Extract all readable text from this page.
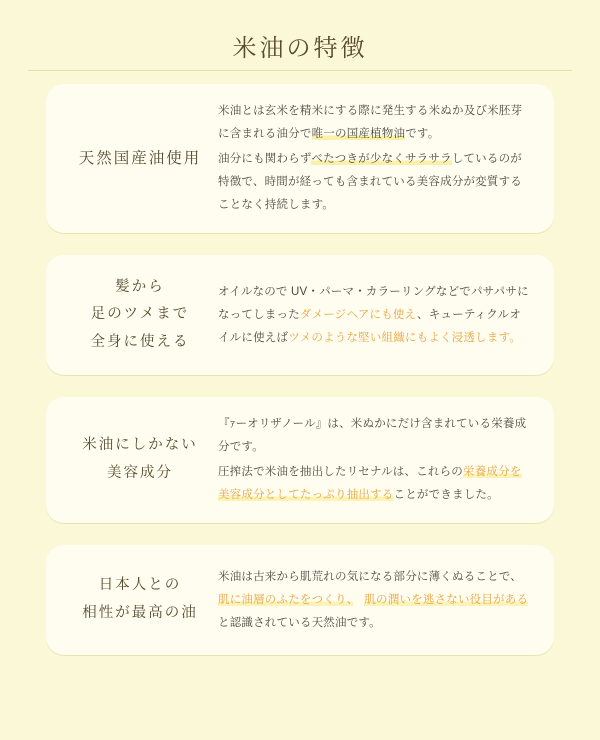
米油の特徴
天然国産油使用

米油とは玄米を精米にする際に発生する米ぬか及び米胚芽に含まれる油分で唯一の国産植物油です。

油分にも関わらずべたつきが少なくサラサラしているのが特徴で、時間が経っても含まれている美容成分が変質することなく持続します。

髪から
足のツメまで
全身に使える

オイルなので UV・パーマ・カラーリングなどでパサパサになってしまったダメージヘアにも使え、キューティクルオイルに使えばツメのような堅い組織にもよく浸透します。

米油にしかない
美容成分

『ｧーオリザノール』は、米ぬかにだけ含まれている栄養成分です。

圧搾法で米油を抽出したリセナルは、これらの栄養成分を美容成分としてたっぷり抽出することができました。

日本人との
相性が最高の油

米油は古来から肌荒れの気になる部分に薄くぬることで、肌に油層のふたをつくり、　 肌の潤いを逃さない役目があると認識されている天然油です。
